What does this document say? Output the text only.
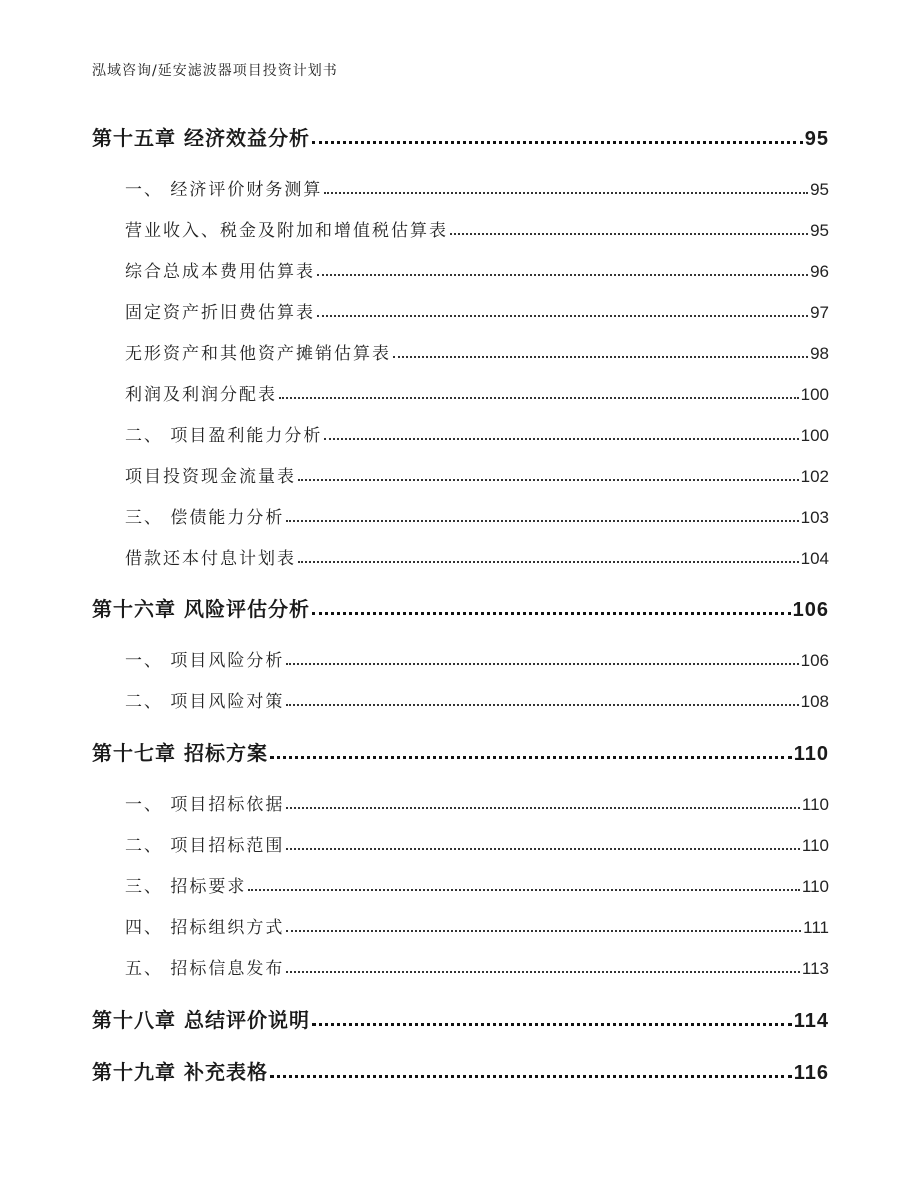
泓域咨询/延安滤波器项目投资计划书
第十五章 经济效益分析	95
一、 经济评价财务测算	95
营业收入、税金及附加和增值税估算表	95
综合总成本费用估算表	96
固定资产折旧费估算表	97
无形资产和其他资产摊销估算表	98
利润及利润分配表	100
二、 项目盈利能力分析	100
项目投资现金流量表	102
三、 偿债能力分析	103
借款还本付息计划表	104
第十六章 风险评估分析	106
一、 项目风险分析	106
二、 项目风险对策	108
第十七章 招标方案	110
一、 项目招标依据	110
二、 项目招标范围	110
三、 招标要求	110
四、 招标组织方式	111
五、 招标信息发布	113
第十八章 总结评价说明	114
第十九章 补充表格	116
